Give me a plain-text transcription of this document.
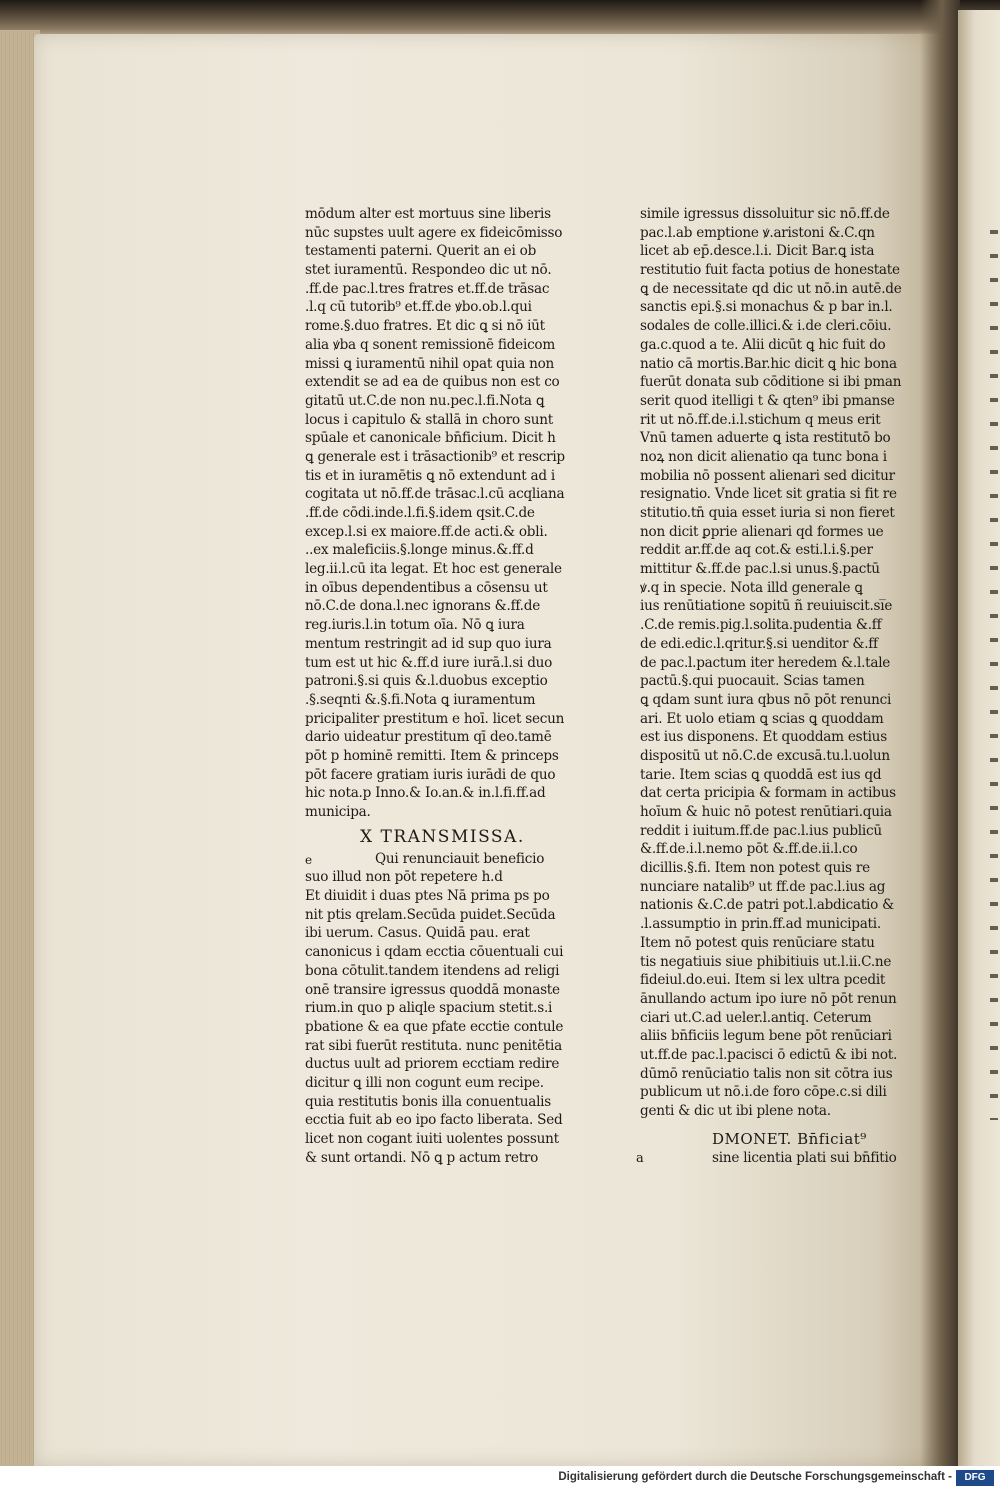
mōdum alter est mortuus sine liberis
nūc supstes uult agere ex fideicōmisso
testamenti paterni. Querit an ei ob
stet iuramentū. Respondeo dic ut nō.
.ff.de pac.l.tres fratres et.ff.de trāsac
.l.q cū tutorib⁹ et.ff.de ꝟbo.ob.l.qui
rome.§.duo fratres. Et dic ꝗ si nō iūt
alia ꝟba q sonent remissionē fideicom
missi ꝗ iuramentū nihil opat quia non
extendit se ad ea de quibus non est co
gitatū ut.C.de non nu.pec.l.fi.Nota ꝗ
locus i capitulo & stallā in choro sunt
spūale et canonicale bn̄ficium. Dicit h
ꝗ generale est i trāsactionib⁹ et rescrip
tis et in iuramētis ꝗ nō extendunt ad i
cogitata ut nō.ff.de trāsac.l.cū acqliana
.ff.de cōdi.inde.l.fi.§.idem qsit.C.de
excep.l.si ex maiore.ff.de acti.& obli.
..ex maleficiis.§.longe minus.&.ff.d
leg.ii.l.cū ita legat. Et hoc est generale
in oībus dependentibus a cōsensu ut
nō.C.de dona.l.nec ignorans &.ff.de
reg.iuris.l.in totum oīa. Nō ꝗ iura
mentum restringit ad id sup quo iura
tum est ut hic &.ff.d iure iurā.l.si duo
patroni.§.si quis &.l.duobus exceptio
.§.seqnti &.§.fi.Nota ꝗ iuramentum
pricipaliter prestitum e hoī. licet secun
dario uideatur prestitum qī deo.tamē
pōt p hominē remitti. Item & princeps
pōt facere gratiam iuris iurādi de quo
hic nota.p Inno.& Io.an.& in.l.fi.ff.ad
municipa.
X TRANSMISSA.
Qui renunciauit beneficio
suo illud non pōt repetere h.d
Et diuidit i duas ptes Nā prima ps po
nit ptis qrelam.Secūda puidet.Secūda
ibi uerum. Casus. Quidā pau. erat
canonicus i qdam ecctia cōuentuali cui
bona cōtulit.tandem itendens ad religi
onē transire igressus quoddā monaste
rium.in quo p aliqle spacium stetit.s.i
pbatione & ea que pfate ecctie contule
rat sibi fuerūt restituta. nunc penitētia
ductus uult ad priorem ecctiam redire
dicitur ꝗ illi non cogunt eum recipe.
quia restitutis bonis illa conuentualis
ecctia fuit ab eo ipo facto liberata. Sed
licet non cogant iuiti uolentes possunt
& sunt ortandi. Nō ꝗ p actum retro
simile igressus dissoluitur sic nō.ff.de
pac.l.ab emptione ꝟ.aristoni &.C.qn
licet ab ep̄.desce.l.i. Dicit Bar.ꝗ ista
restitutio fuit facta potius de honestate
ꝗ de necessitate qd dic ut nō.in autē.de
sanctis epi.§.si monachus & p bar in.l.
sodales de colle.illici.& i.de cleri.cōiu.
ga.c.quod a te. Alii dicūt ꝗ hic fuit do
natio cā mortis.Bar.hic dicit ꝗ hic bona
fuerūt donata sub cōditione si ibi pman
serit quod itelligi t & qten⁹ ibi pmanse
rit ut nō.ff.de.i.l.stichum q meus erit
Vnū tamen aduerte ꝗ ista restitutō bo
noꝝ non dicit alienatio qa tunc bona i
mobilia nō possent alienari sed dicitur
resignatio. Vnde licet sit gratia si fit re
stitutio.tn̄ quia esset iuria si non fieret
non dicit ꝑprie alienari qd formes ue
reddit ar.ff.de aq cot.& esti.l.i.§.per
mittitur &.ff.de pac.l.si unus.§.pactū
ꝟ.q in specie. Nota illd generale ꝗ
ius renūtiatione sopitū ñ reuiuiscit.si̅e
.C.de remis.pig.l.solita.pudentia &.ff
de edi.edic.l.qritur.§.si uenditor &.ff
de pac.l.pactum iter heredem &.l.tale
pactū.§.qui puocauit. Scias tamen
ꝗ qdam sunt iura qbus nō pōt renunci
ari. Et uolo etiam ꝗ scias ꝗ quoddam
est ius disponens. Et quoddam estius
dispositū ut nō.C.de excusā.tu.l.uolun
tarie. Item scias ꝗ quoddā est ius qd
dat certa pricipia & formam in actibus
hoīum & huic nō potest renūtiari.quia
reddit i iuitum.ff.de pac.l.ius publicū
&.ff.de.i.l.nemo pōt &.ff.de.ii.l.co
dicillis.§.fi. Item non potest quis re
nunciare natalib⁹ ut ff.de pac.l.ius ag
nationis &.C.de patri pot.l.abdicatio &
.l.assumptio in prin.ff.ad municipati.
Item nō potest quis renūciare statu
tis negatiuis siue phibitiuis ut.l.ii.C.ne
fideiul.do.eui. Item si lex ultra pcedit
ānullando actum ipo iure nō pōt renun
ciari ut.C.ad ueler.l.antiq. Ceterum
aliis bn̄ficiis legum bene pōt renūciari
ut.ff.de pac.l.pacisci ō edictū & ibi not.
dūmō renūciatio talis non sit cōtra ius
publicum ut nō.i.de foro cōpe.c.si dili
genti & dic ut ibi plene nota.
e
DMONET. Bn̄ficiat⁹
sine licentia plati sui bn̄fitio
a
Digitalisierung gefördert durch die Deutsche Forschungsgemeinschaft -	DFG
